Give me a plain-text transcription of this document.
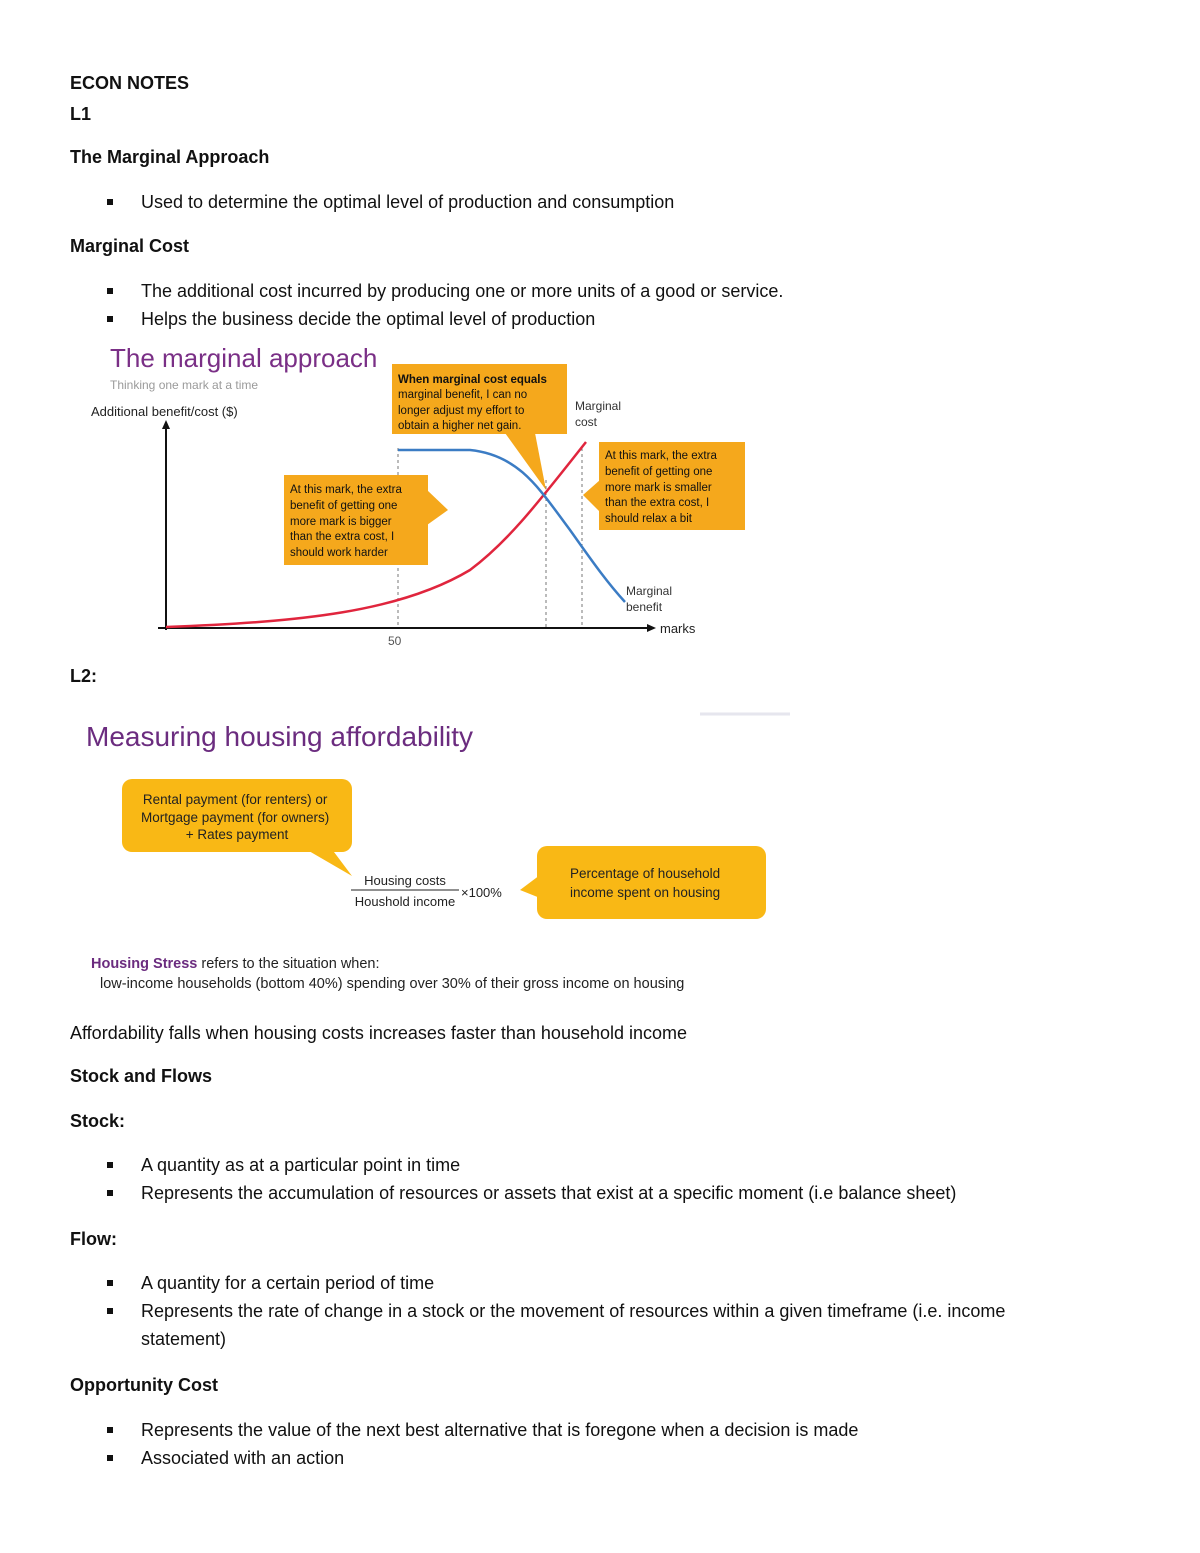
ECON NOTES
L1
The Marginal Approach
Used to determine the optimal level of production and consumption
Marginal Cost
The additional cost incurred by producing one or more units of a good or service.
Helps the business decide the optimal level of production
The marginal approach
Thinking one mark at a time
Additional benefit/cost ($)
marks
50
Marginal cost
Marginal benefit
When marginal cost equals marginal benefit, I can no longer adjust my effort to obtain a higher net gain.
At this mark, the extra benefit of getting one more mark is bigger than the extra cost, I should work harder
At this mark, the extra benefit of getting one more mark is smaller than the extra cost, I should relax a bit
L2:
Measuring housing affordability
Rental payment (for renters) or Mortgage payment (for owners) + Rates payment
Housing costs
Houshold income
×100%
Percentage of household income spent on housing
Housing Stress refers to the situation when:
low-income households (bottom 40%) spending over 30% of their gross income on housing
Affordability falls when housing costs increases faster than household income
Stock and Flows
Stock:
A quantity as at a particular point in time
Represents the accumulation of resources or assets that exist at a specific moment (i.e balance sheet)
Flow:
A quantity for a certain period of time
Represents the rate of change in a stock or the movement of resources within a given timeframe (i.e. income statement)
Opportunity Cost
Represents the value of the next best alternative that is foregone when a decision is made
Associated with an action
